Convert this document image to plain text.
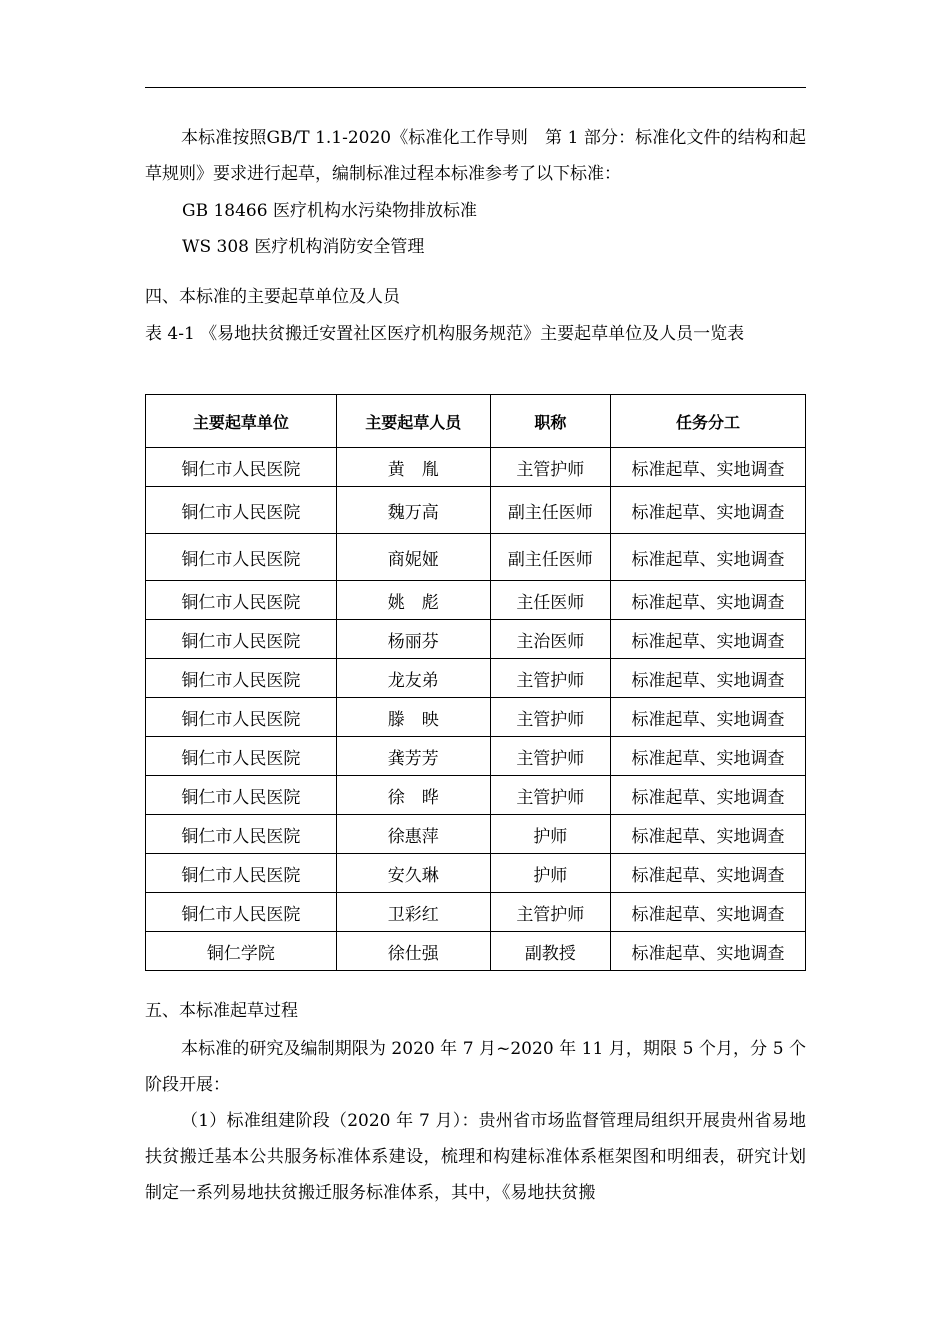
本标准按照GB/T 1.1-2020《标准化工作导则　第 1 部分：标准化文件的结构和起草规则》要求进行起草，编制标准过程本标准参考了以下标准：

GB 18466 医疗机构水污染物排放标准

WS 308 医疗机构消防安全管理

四、本标准的主要起草单位及人员

表 4-1 《易地扶贫搬迁安置社区医疗机构服务规范》主要起草单位及人员一览表

主要起草单位	主要起草人员	职称	任务分工
铜仁市人民医院	黄　胤	主管护师	标准起草、实地调查
铜仁市人民医院	魏万高	副主任医师	标准起草、实地调查
铜仁市人民医院	商妮娅	副主任医师	标准起草、实地调查
铜仁市人民医院	姚　彪	主任医师	标准起草、实地调查
铜仁市人民医院	杨丽芬	主治医师	标准起草、实地调查
铜仁市人民医院	龙友弟	主管护师	标准起草、实地调查
铜仁市人民医院	滕　映	主管护师	标准起草、实地调查
铜仁市人民医院	龚芳芳	主管护师	标准起草、实地调查
铜仁市人民医院	徐　晔	主管护师	标准起草、实地调查
铜仁市人民医院	徐惠萍	护师	标准起草、实地调查
铜仁市人民医院	安久琳	护师	标准起草、实地调查
铜仁市人民医院	卫彩红	主管护师	标准起草、实地调查
铜仁学院	徐仕强	副教授	标准起草、实地调查

五、本标准起草过程

本标准的研究及编制期限为 2020 年 7 月~2020 年 11 月，期限 5 个月，分 5 个阶段开展：

（1）标准组建阶段（2020 年 7 月）：贵州省市场监督管理局组织开展贵州省易地扶贫搬迁基本公共服务标准体系建设，梳理和构建标准体系框架图和明细表，研究计划制定一系列易地扶贫搬迁服务标准体系，其中，《易地扶贫搬
